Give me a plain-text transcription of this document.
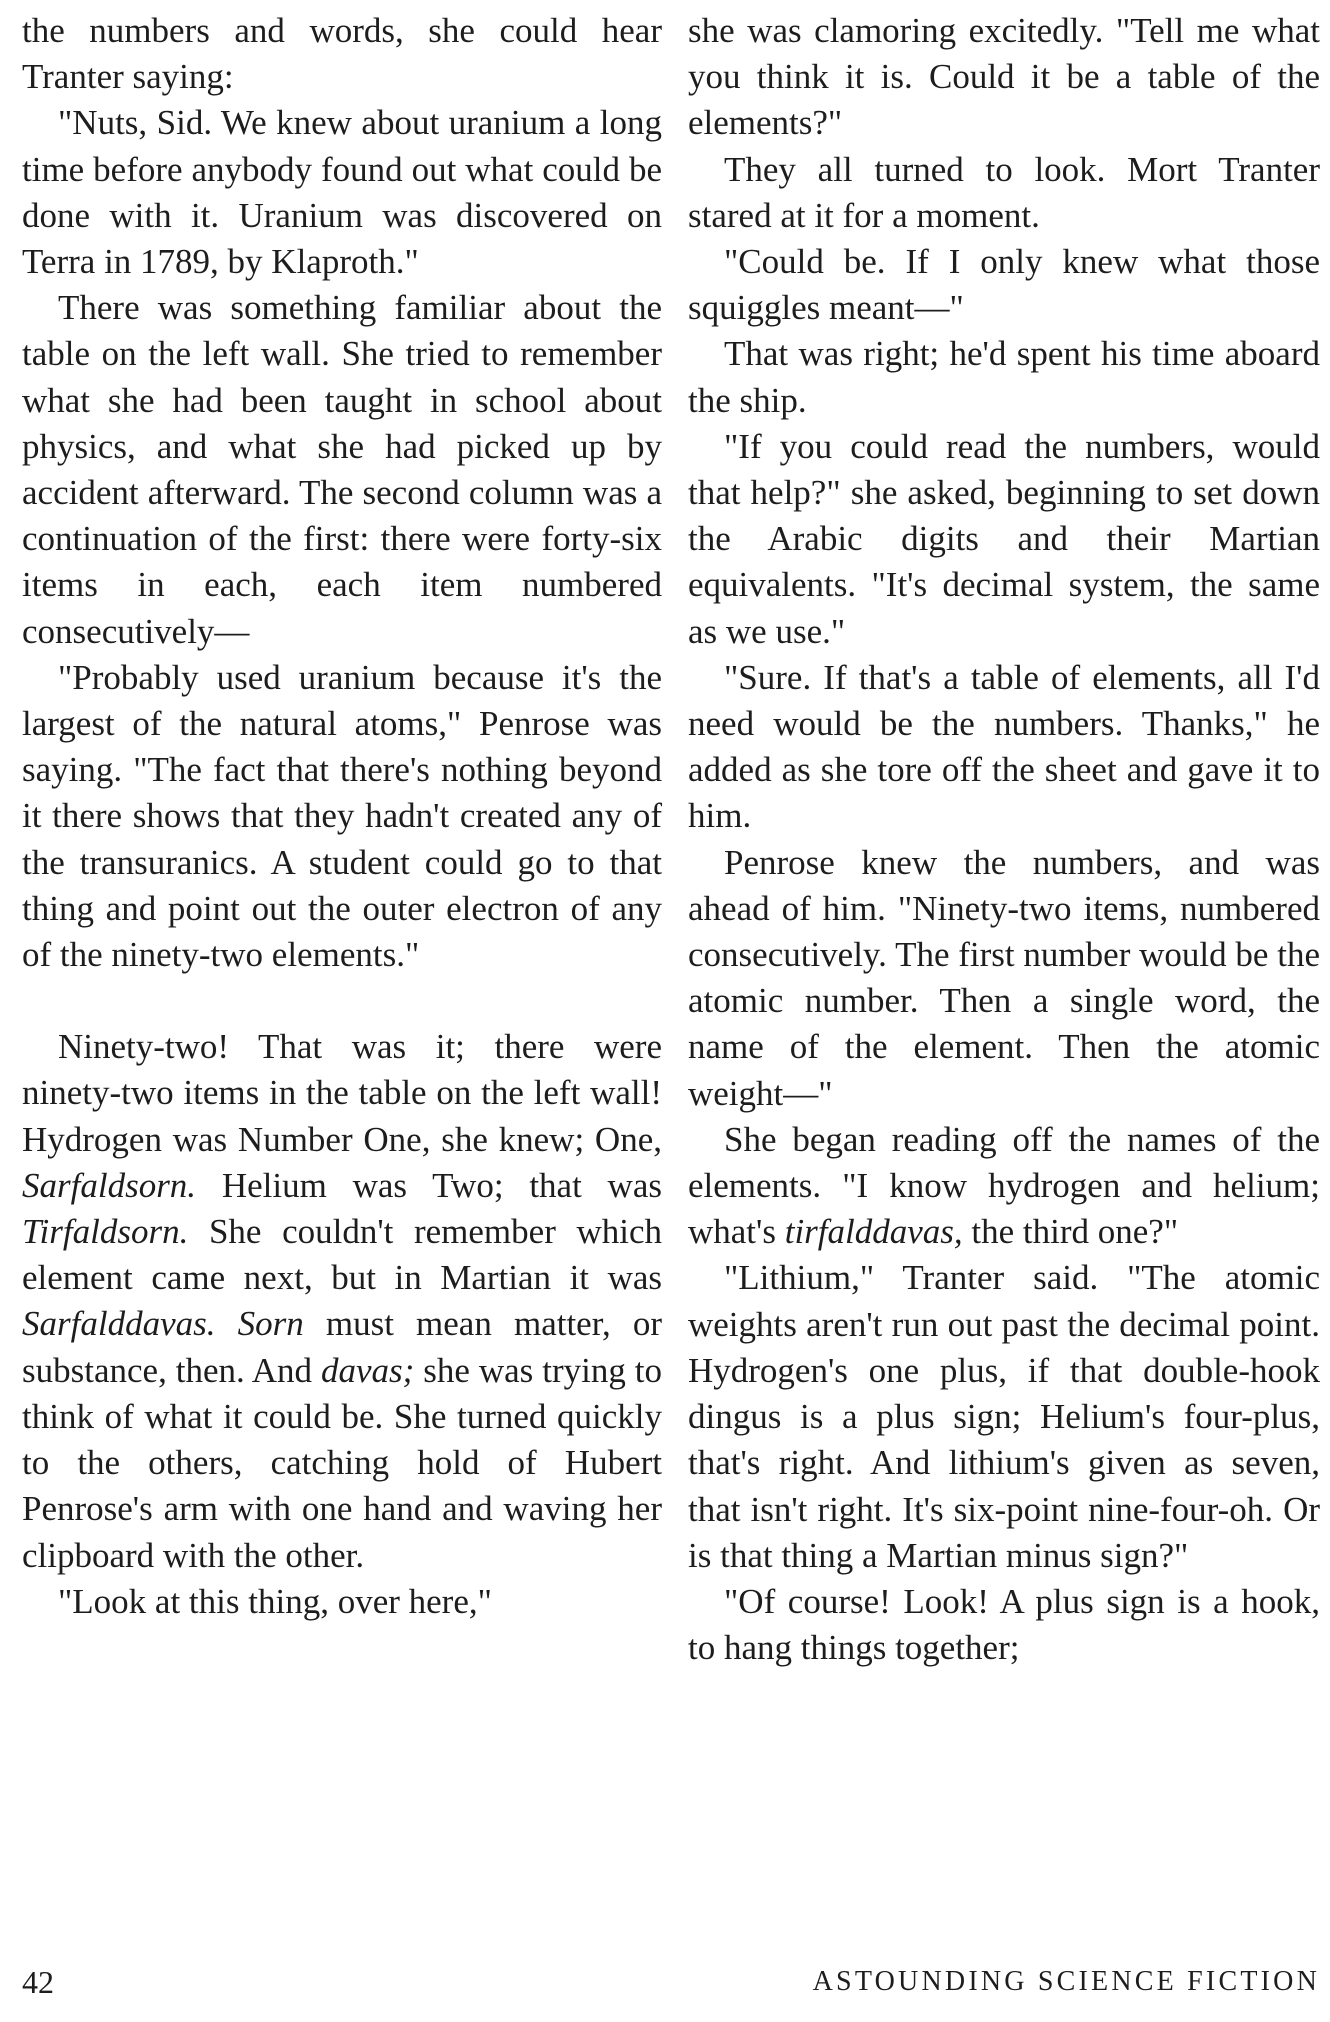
the numbers and words, she could hear Tranter saying:

"Nuts, Sid. We knew about uranium a long time before anybody found out what could be done with it. Uranium was discovered on Terra in 1789, by Klaproth."

There was something familiar about the table on the left wall. She tried to remember what she had been taught in school about physics, and what she had picked up by accident afterward. The second column was a continuation of the first: there were forty-six items in each, each item numbered consecutively—

"Probably used uranium because it's the largest of the natural atoms," Penrose was saying. "The fact that there's nothing beyond it there shows that they hadn't created any of the transuranics. A student could go to that thing and point out the outer electron of any of the ninety-two elements."

Ninety-two! That was it; there were ninety-two items in the table on the left wall! Hydrogen was Number One, she knew; One, Sarfaldsorn. Helium was Two; that was Tirfaldsorn. She couldn't remember which element came next, but in Martian it was Sarfalddavas. Sorn must mean matter, or substance, then. And davas; she was trying to think of what it could be. She turned quickly to the others, catching hold of Hubert Penrose's arm with one hand and waving her clipboard with the other.

"Look at this thing, over here,"

she was clamoring excitedly. "Tell me what you think it is. Could it be a table of the elements?"

They all turned to look. Mort Tranter stared at it for a moment.

"Could be. If I only knew what those squiggles meant—"

That was right; he'd spent his time aboard the ship.

"If you could read the numbers, would that help?" she asked, beginning to set down the Arabic digits and their Martian equivalents. "It's decimal system, the same as we use."

"Sure. If that's a table of elements, all I'd need would be the numbers. Thanks," he added as she tore off the sheet and gave it to him.

Penrose knew the numbers, and was ahead of him. "Ninety-two items, numbered consecutively. The first number would be the atomic number. Then a single word, the name of the element. Then the atomic weight—"

She began reading off the names of the elements. "I know hydrogen and helium; what's tirfalddavas, the third one?"

"Lithium," Tranter said. "The atomic weights aren't run out past the decimal point. Hydrogen's one plus, if that double-hook dingus is a plus sign; Helium's four-plus, that's right. And lithium's given as seven, that isn't right. It's six-point nine-four-oh. Or is that thing a Martian minus sign?"

"Of course! Look! A plus sign is a hook, to hang things together;

42	ASTOUNDING SCIENCE FICTION
